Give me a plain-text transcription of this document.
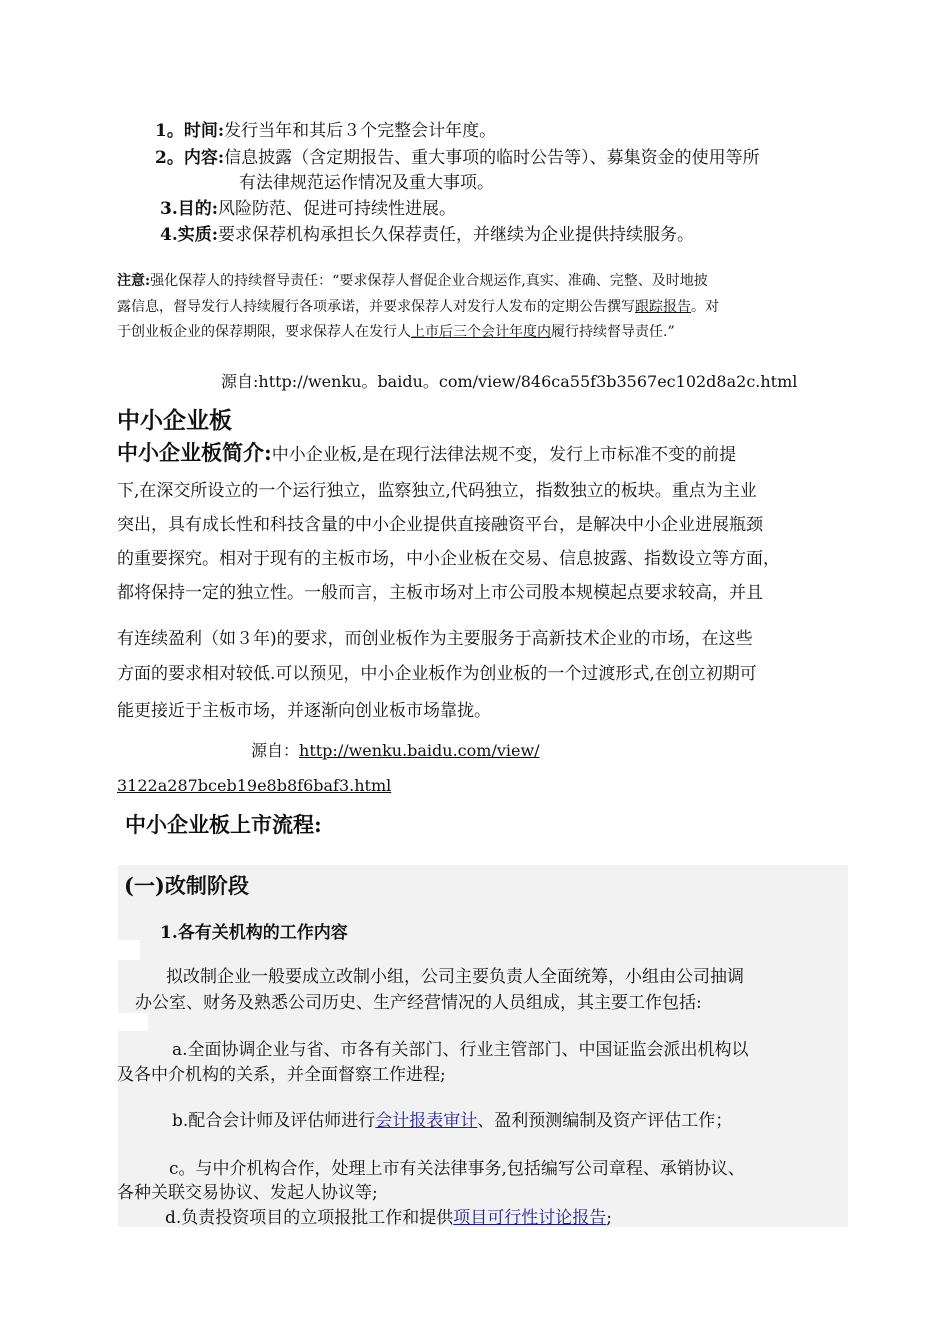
1。时间:发行当年和其后３个完整会计年度。
2。内容:信息披露（含定期报告、重大事项的临时公告等）、募集资金的使用等所
有法律规范运作情况及重大事项。
3.目的:风险防范、促进可持续性进展。
4.实质:要求保荐机构承担长久保荐责任，并继续为企业提供持续服务。
注意:强化保荐人的持续督导责任：“要求保荐人督促企业合规运作,真实、准确、完整、及时地披
露信息，督导发行人持续履行各项承诺，并要求保荐人对发行人发布的定期公告撰写跟踪报告。对
于创业板企业的保荐期限，要求保荐人在发行人上市后三个会计年度内履行持续督导责任.”
源自:http://wenku。baidu。com/view/846ca55f3b3567ec102d8a2c.html
中小企业板
中小企业板简介:中小企业板,是在现行法律法规不变，发行上市标准不变的前提
下,在深交所设立的一个运行独立，监察独立,代码独立，指数独立的板块。重点为主业
突出，具有成长性和科技含量的中小企业提供直接融资平台，是解决中小企业进展瓶颈
的重要探究。相对于现有的主板市场，中小企业板在交易、信息披露、指数设立等方面，
都将保持一定的独立性。一般而言，主板市场对上市公司股本规模起点要求较高，并且
有连续盈利（如３年)的要求，而创业板作为主要服务于高新技术企业的市场，在这些
方面的要求相对较低.可以预见，中小企业板作为创业板的一个过渡形式,在创立初期可
能更接近于主板市场，并逐渐向创业板市场靠拢。
源自：http://wenku.baidu.com/view/
3122a287bceb19e8b8f6baf3.html
中小企业板上市流程:
(一)改制阶段
1.各有关机构的工作内容
拟改制企业一般要成立改制小组，公司主要负责人全面统筹，小组由公司抽调
办公室、财务及熟悉公司历史、生产经营情况的人员组成，其主要工作包括:
a.全面协调企业与省、市各有关部门、行业主管部门、中国证监会派出机构以
及各中介机构的关系，并全面督察工作进程;
b.配合会计师及评估师进行会计报表审计、盈利预测编制及资产评估工作；
c。与中介机构合作，处理上市有关法律事务,包括编写公司章程、承销协议、
各种关联交易协议、发起人协议等;
d.负责投资项目的立项报批工作和提供项目可行性讨论报告;
